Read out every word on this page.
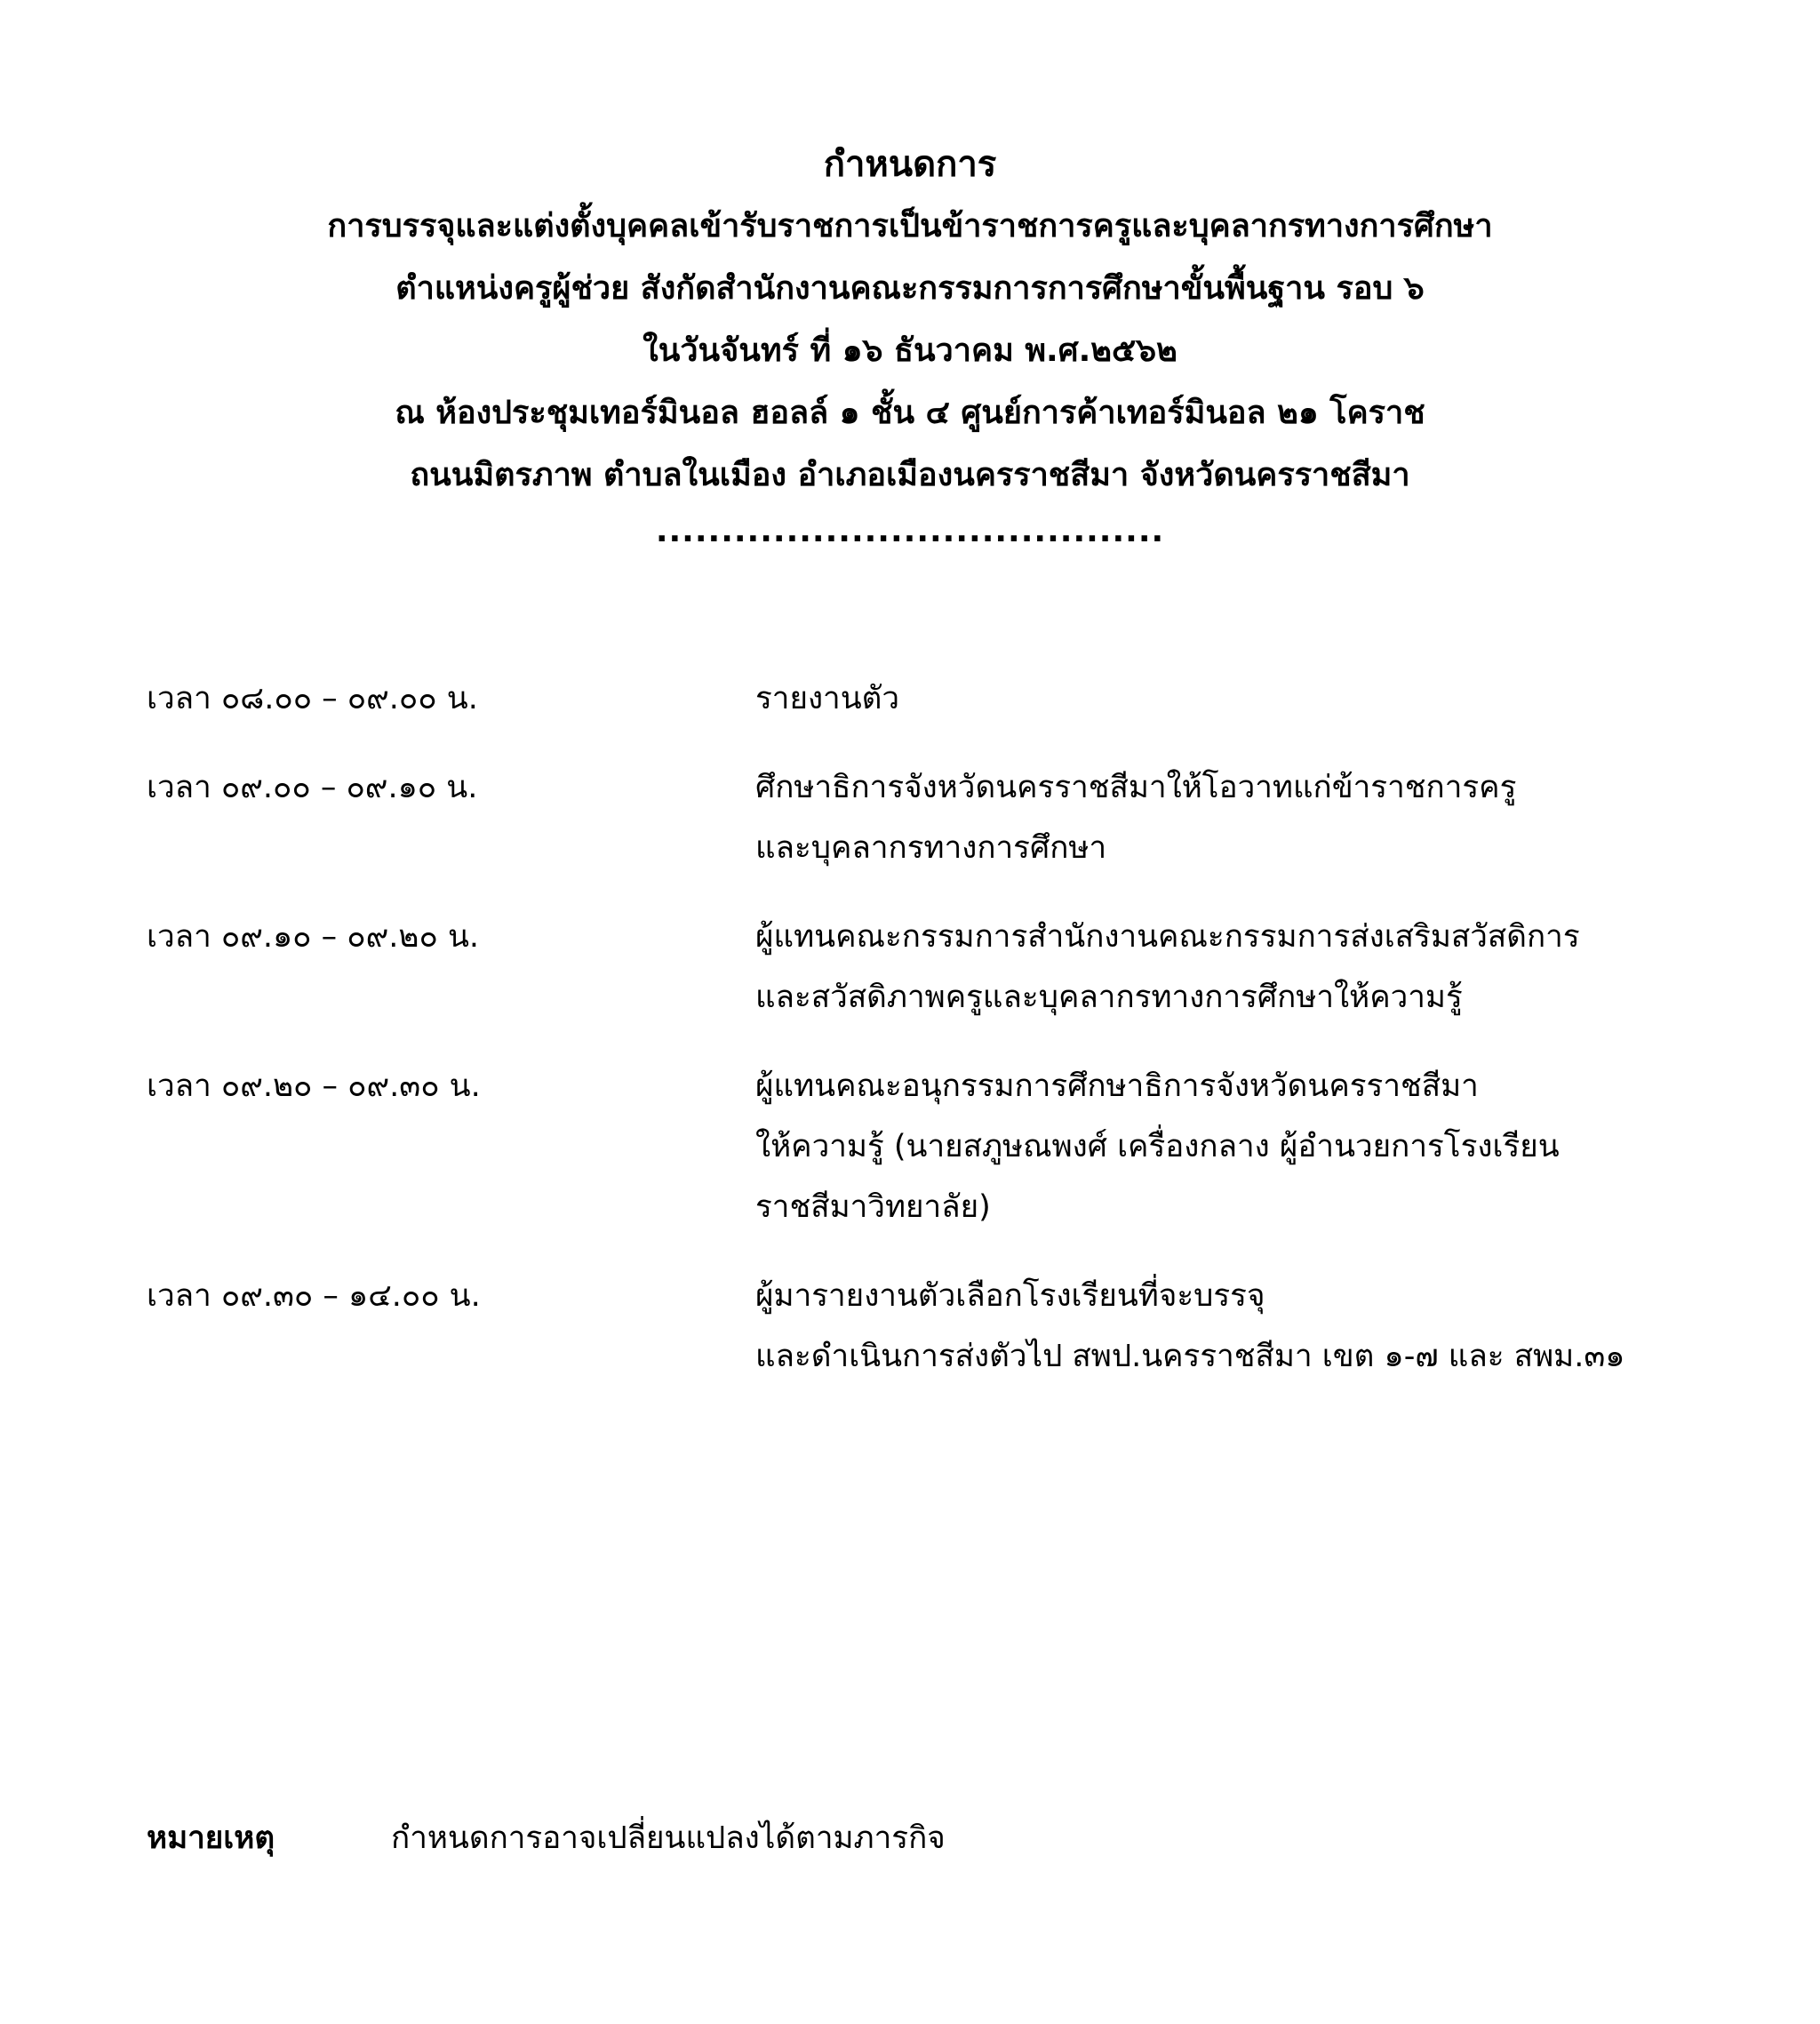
กำหนดการ
การบรรจุและแต่งตั้งบุคคลเข้ารับราชการเป็นข้าราชการครูและบุคลากรทางการศึกษา
ตำแหน่งครูผู้ช่วย สังกัดสำนักงานคณะกรรมการการศึกษาขั้นพื้นฐาน รอบ ๖
ในวันจันทร์ ที่ ๑๖ ธันวาคม พ.ศ.๒๕๖๒
ณ ห้องประชุมเทอร์มินอล ฮอลล์ ๑ ชั้น ๔ ศูนย์การค้าเทอร์มินอล ๒๑ โคราช
ถนนมิตรภาพ ตำบลในเมือง อำเภอเมืองนครราชสีมา จังหวัดนครราชสีมา
.......................................
เวลา ๐๘.๐๐ – ๐๙.๐๐ น.	รายงานตัว
เวลา ๐๙.๐๐ – ๐๙.๑๐ น.	ศึกษาธิการจังหวัดนครราชสีมาให้โอวาทแก่ข้าราชการครู
และบุคลากรทางการศึกษา
เวลา ๐๙.๑๐ – ๐๙.๒๐ น.	ผู้แทนคณะกรรมการสำนักงานคณะกรรมการส่งเสริมสวัสดิการ
และสวัสดิภาพครูและบุคลากรทางการศึกษาให้ความรู้
เวลา ๐๙.๒๐ – ๐๙.๓๐ น.	ผู้แทนคณะอนุกรรมการศึกษาธิการจังหวัดนครราชสีมา
ให้ความรู้ (นายสภูษณพงศ์ เครื่องกลาง ผู้อำนวยการโรงเรียน
ราชสีมาวิทยาลัย)
เวลา ๐๙.๓๐ – ๑๔.๐๐ น.	ผู้มารายงานตัวเลือกโรงเรียนที่จะบรรจุ
และดำเนินการส่งตัวไป สพป.นครราชสีมา เขต ๑-๗ และ สพม.๓๑
หมายเหตุ	กำหนดการอาจเปลี่ยนแปลงได้ตามภารกิจ
